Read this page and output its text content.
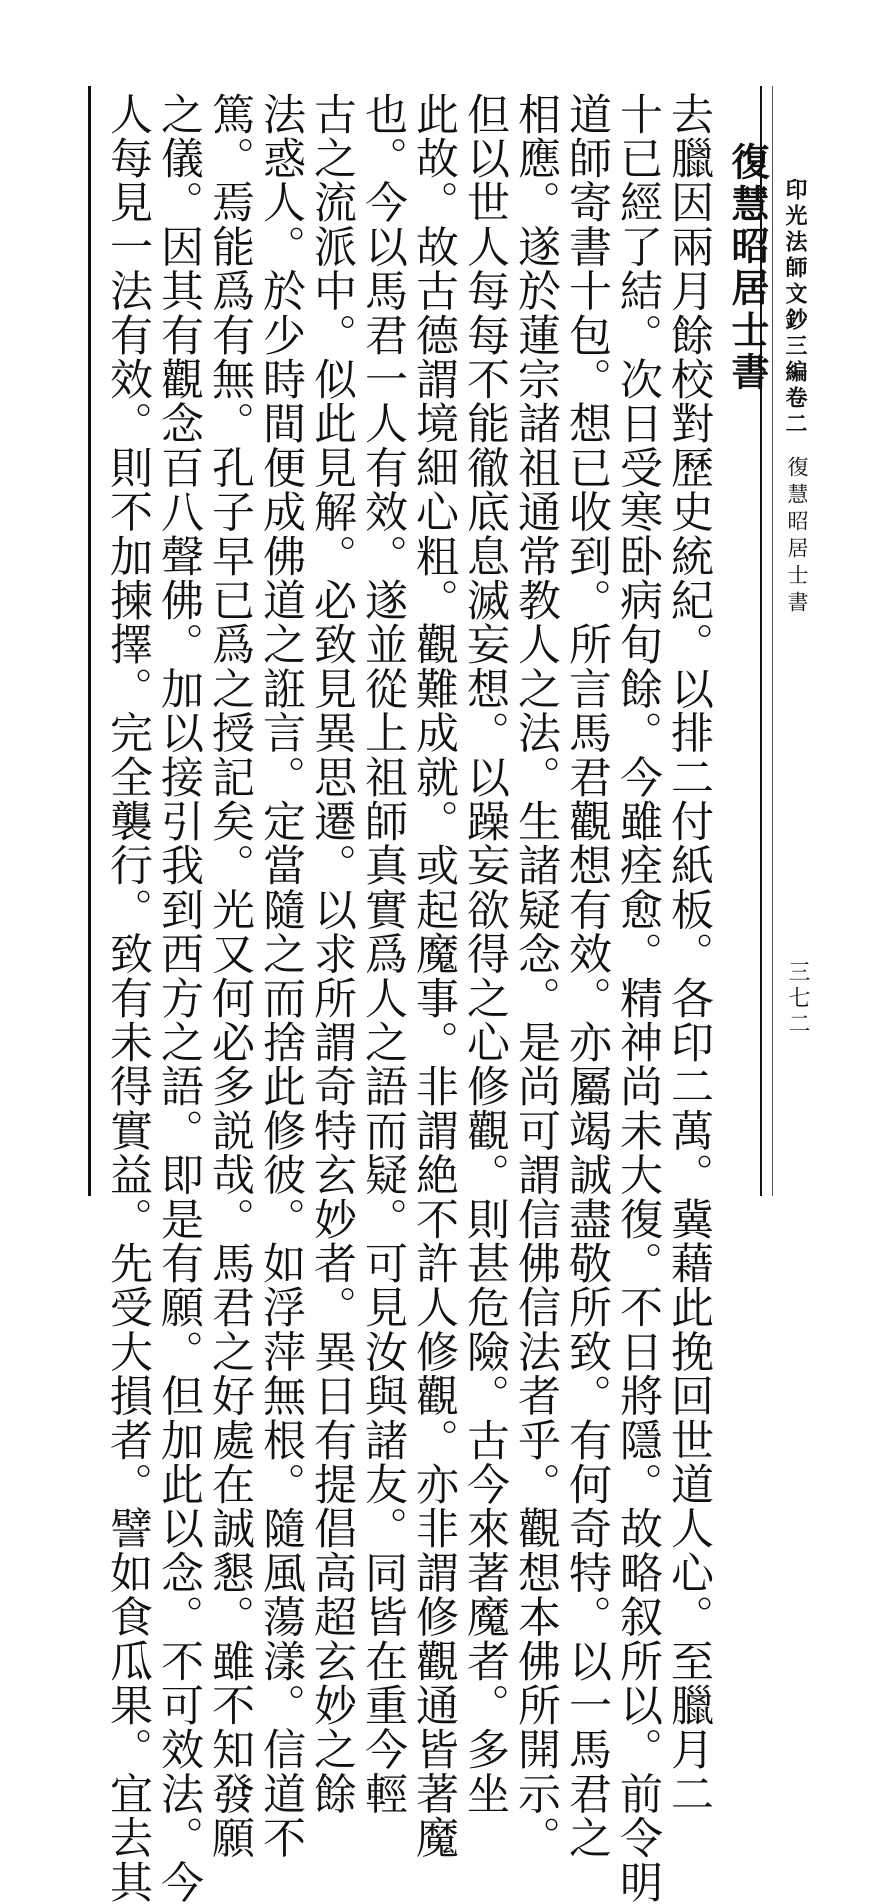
印光法師文鈔三編卷二
復慧昭居士書
三七二
復慧昭居士書

去臘因兩月餘校對歷史統紀。以排二付紙板。各印二萬。冀藉此挽回世道人心。至臘月二

十已經了結。次日受寒卧病旬餘。今雖痊愈。精神尚未大復。不日將隱。故略叙所以。前令明

道師寄書十包。想已收到。所言馬君觀想有效。亦屬竭誠盡敬所致。有何奇特。以一馬君之

相應。遂於蓮宗諸祖通常教人之法。生諸疑念。是尚可謂信佛信法者乎。觀想本佛所開示。

但以世人每每不能徹底息滅妄想。以躁妄欲得之心修觀。則甚危險。古今來著魔者。多坐

此故。故古德謂境細心粗。觀難成就。或起魔事。非謂絶不許人修觀。亦非謂修觀通皆著魔

也。今以馬君一人有效。遂並從上祖師真實爲人之語而疑。可見汝與諸友。同皆在重今輕

古之流派中。似此見解。必致見異思遷。以求所謂奇特玄妙者。異日有提倡高超玄妙之餘

法惑人。於少時間便成佛道之誑言。定當隨之而捨此修彼。如浮萍無根。隨風蕩漾。信道不

篤。焉能爲有無。孔子早已爲之授記矣。光又何必多説哉。馬君之好處在誠懇。雖不知發願

之儀。因其有觀念百八聲佛。加以接引我到西方之語。即是有願。但加此以念。不可效法。今

人每見一法有效。則不加揀擇。完全襲行。致有未得實益。先受大損者。譬如食瓜果。宜去其
